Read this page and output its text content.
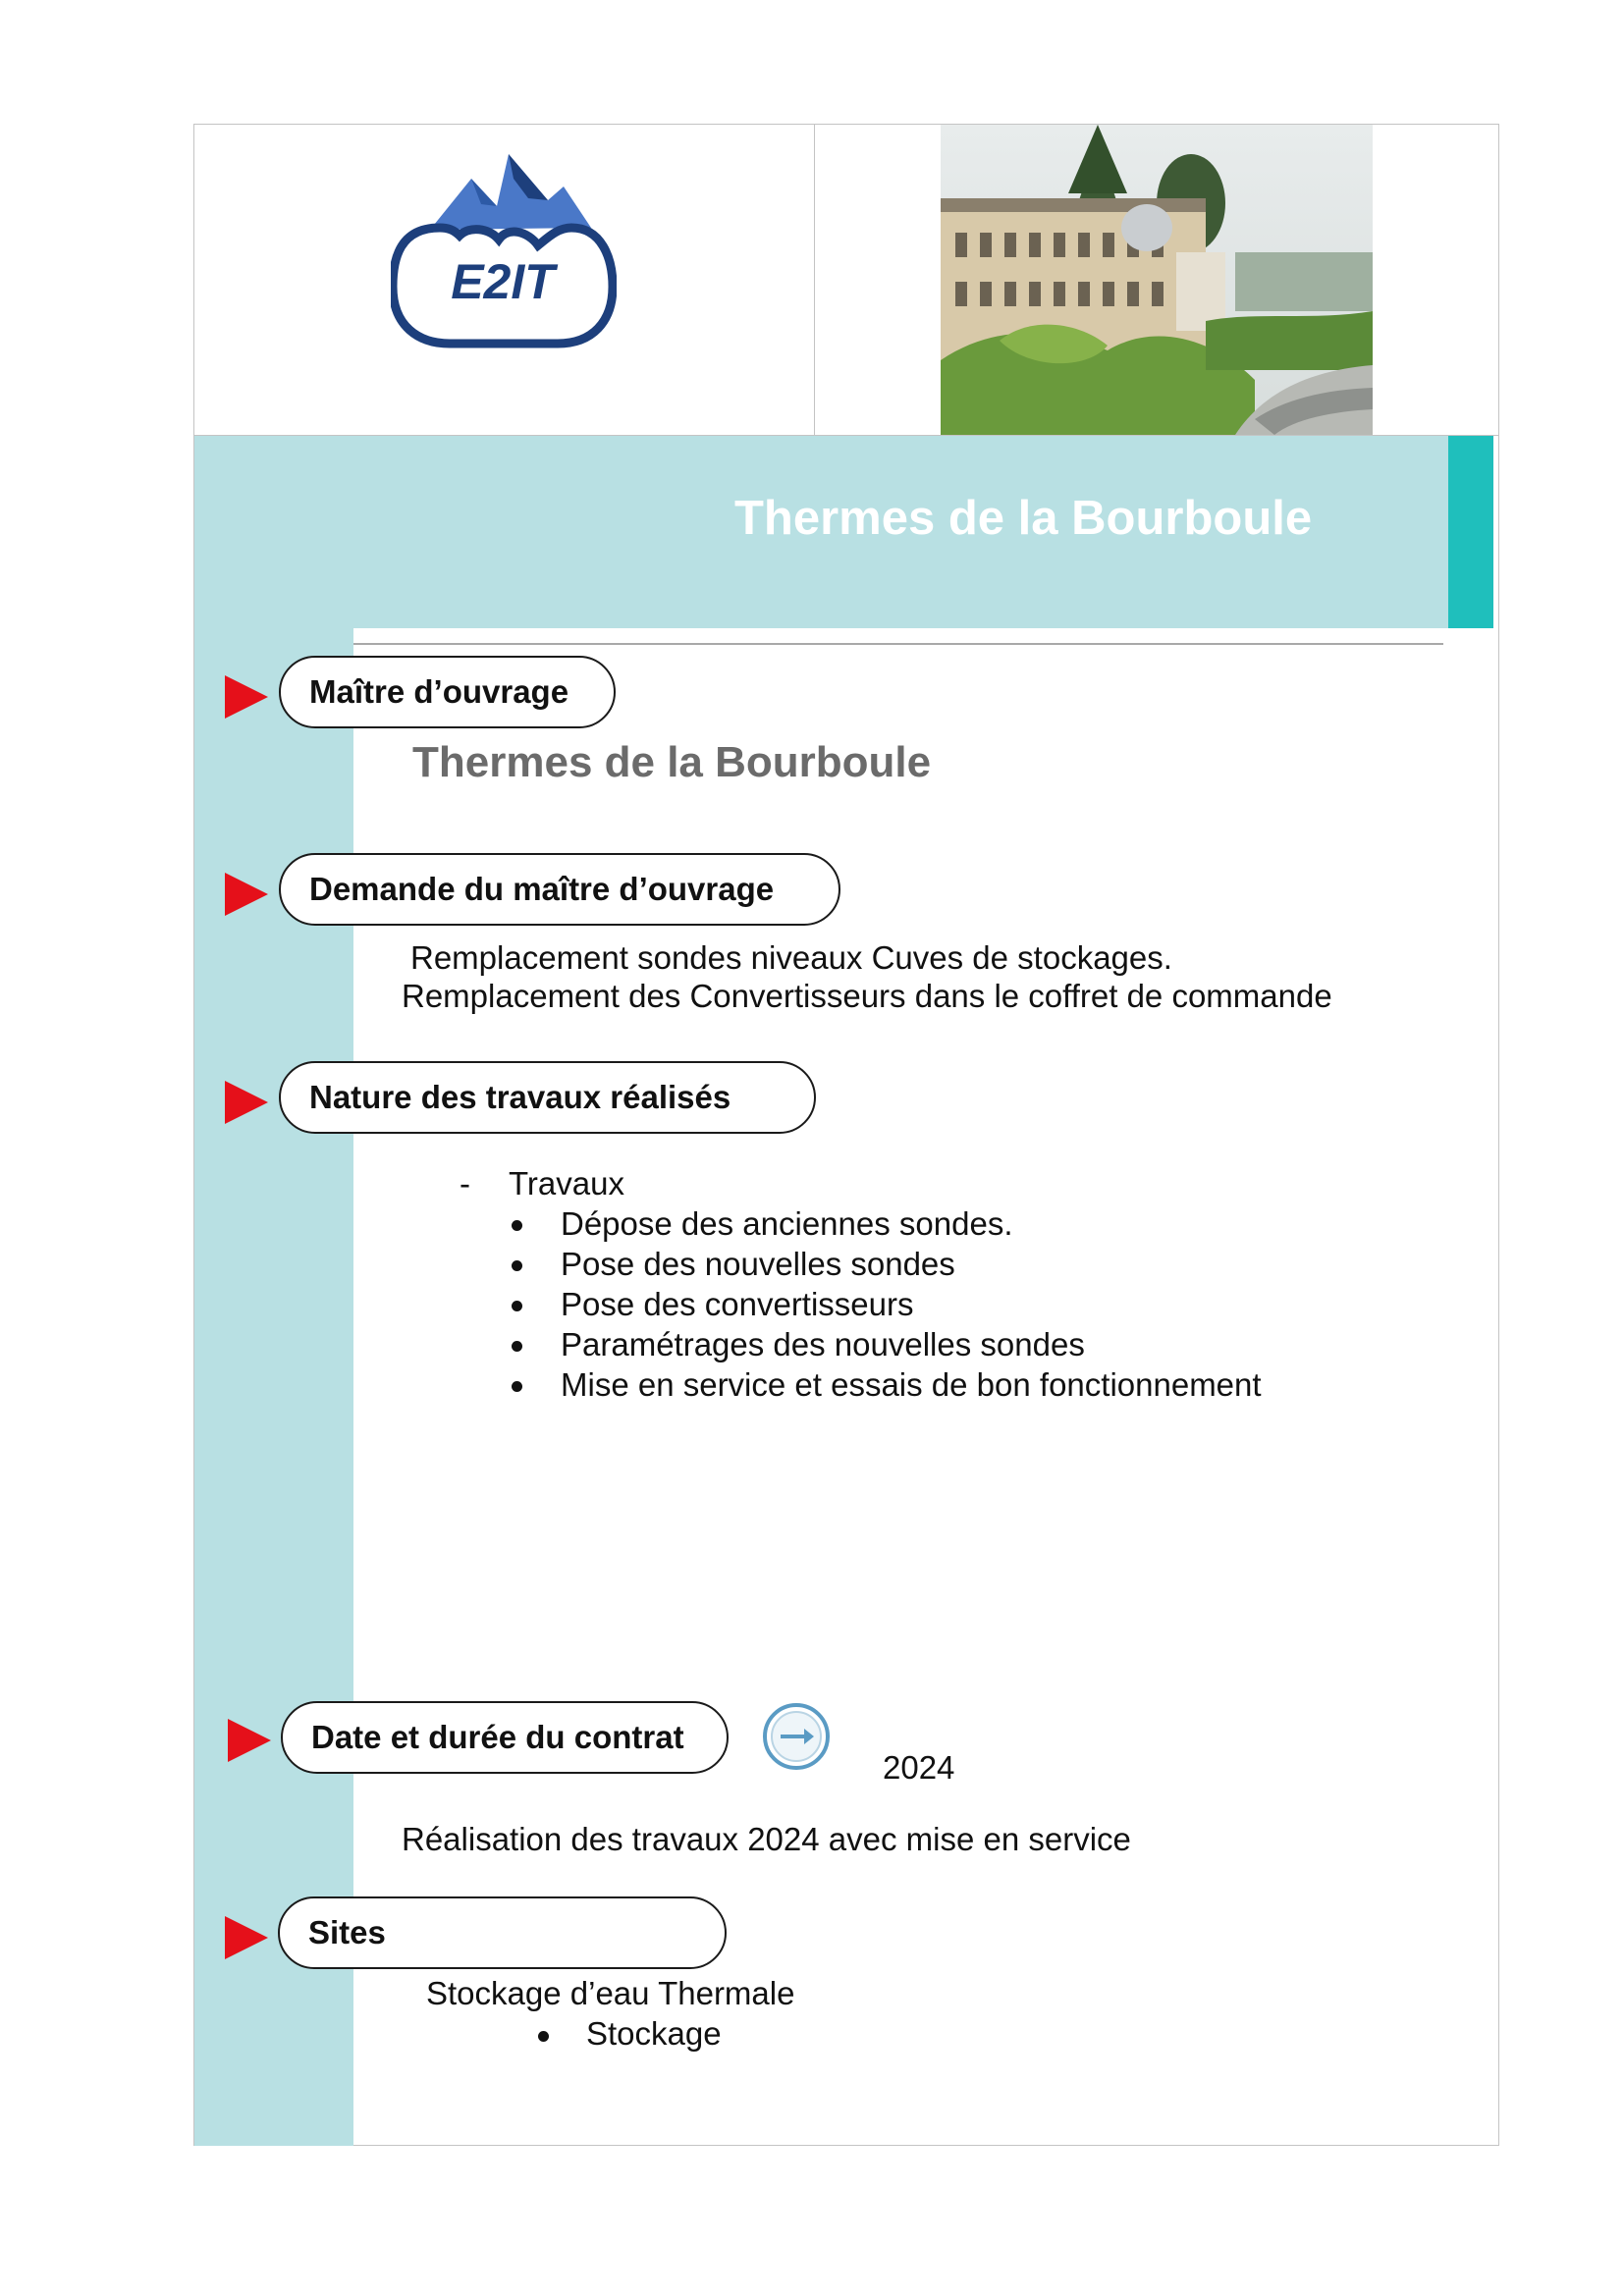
E2IT
Thermes de la Bourboule
Maître d’ouvrage
Thermes de la Bourboule
Demande du maître d’ouvrage
Remplacement sondes niveaux Cuves de stockages.
Remplacement des Convertisseurs dans le coffret de commande
Nature des travaux réalisés
- Travaux
Dépose des anciennes sondes.
Pose des nouvelles sondes
Pose des convertisseurs
Paramétrages des nouvelles sondes
Mise en service et essais de bon fonctionnement
Date et durée du contrat
2024
Réalisation des travaux 2024 avec mise en service
Sites
Stockage d’eau Thermale
Stockage
